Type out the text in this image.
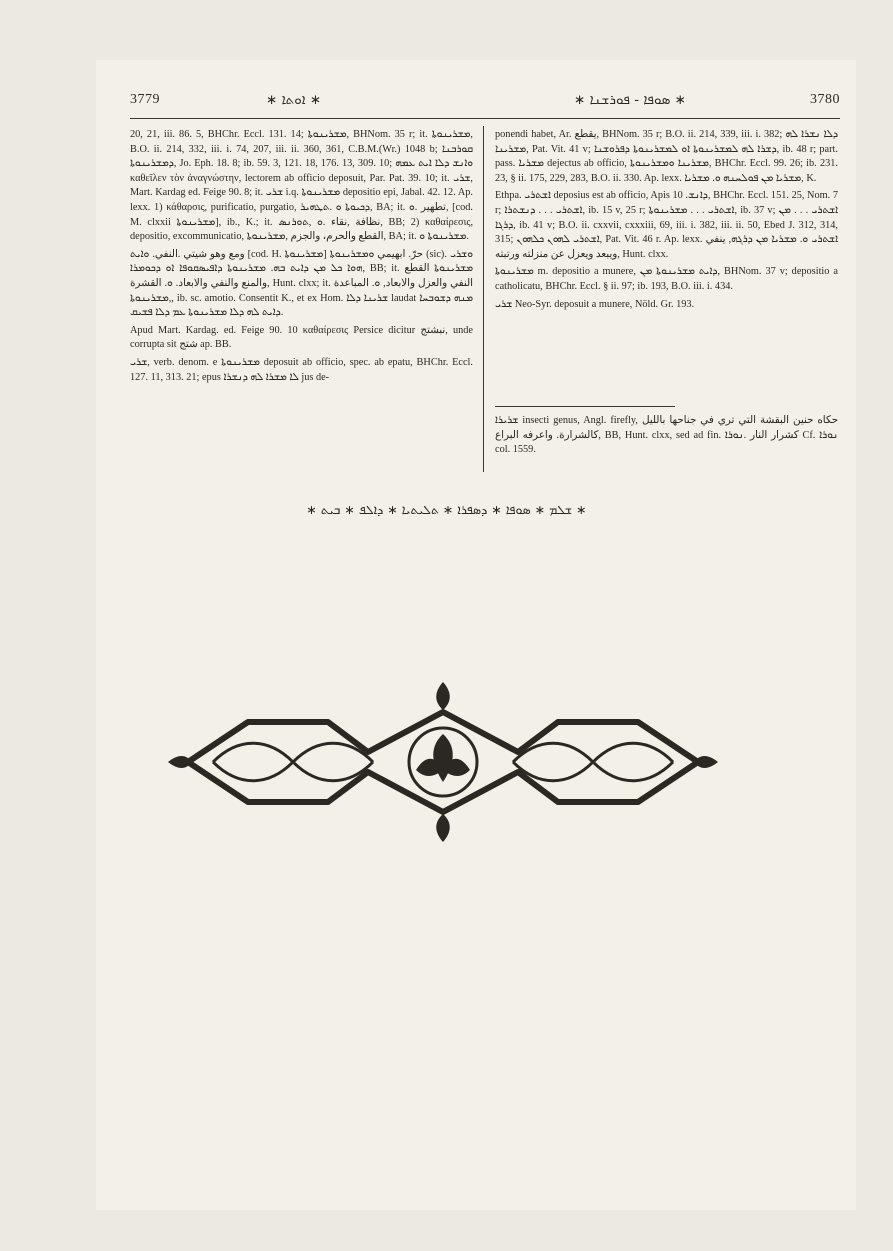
3779	∗ ܐܘܬܐ ∗	∗ ܣܘܦܐ - ܦܘܪܫܢܐ ∗	3780

20, 21, iii. 86. 5, BHChr. Eccl. 131. 14; ܡܫܪܝܢܘܬܐ, BHNom. 35 r; it. ܡܫܪܝܢܘܬܐ, B.O. ii. 214, 332, iii. i. 74, 207, iii. ii. 360, 361, C.B.M.(Wr.) 1048 b; ܩܘܪܒܢܐ ܕܡܫܪܝܢܘܬܐ, Jo. Eph. 18. 8; ib. 59. 3, 121. 18, 176. 13, 309. 10; ܘܐܢܫ ܕܠܐ ܐܝܬ ܥܡܗ καθεῖλεν τὸν ἀναγνώστην, lectorem ab officio deposuit, Par. Pat. 39. 10; it. ܫܪܝ, Mart. Kardag ed. Feige 90. 8; it. ܫܪܝ i.q. ܡܫܪܝܢܘܬܐ depositio epi, Jabal. 42. 12. Ap. lexx. 1) κάθαρσις, purificatio, purgatio, ܕܟܝܘܬܐ ܘ .ܬܛܗܝܪ, BA; it. تطهير .ܘ, [cod. M. clxxii ܡܫܪܝܢܘܬܐ], ib., K.; it. نظافة ,نقاء .ܘ ,ܬܘܪܢܣ, BB; 2) καθαίρεσις, depositio, excommunicatio, القطع والحرم، والجزم ,ܡܫܪܝܢܘܬܐ, BA; it. ܡܫܪܝܢܘܬܐ ܘ.

ومع وهو شيتي .النفي. ܘܐܝܬ [cod. H. ܡܫܪܝܢܘܬܐ] حرّ. ابهيمي ܘܡܫܪܝܢܘܬܐ (sic). ܘܫܪܝ ܗܘܐ ܟܠ ܡܢ ܕܐܝܬ ܒܗ. ܡܫܪܝܢܘܬܐ ܕܐܦܝܣܩܘܦܐ ܐܘ ܕܟܘܡܪܐ, BB; it. ܡܫܪܝܢܘܬܐ القطع والمنع والنفي والابعاد. ܘ. القشرة, Hunt. clxx; it. النفي والعزل والابعاد, ܘ. المباعدة ,ܡܫܪܝܢܘܬܐ, ib. sc. amotio. Consentit K., et ex Hom. ܫܪܝܢܐ ܕܠܐ laudat ܡܢܗ ܕܫܘܒܚܐ ܕܐܝܬ ܠܗ ܕܠܐ ܡܫܪܝܢܘܬܐ ܥܡ ܕܠܐ ܦܫܝܩ.

Apud Mart. Kardag. ed. Feige 90. 10 καθαίρεσις Persice dicitur نبشتج, unde corrupta sit شتج ap. BB.

ܫܪܝ, verb. denom. e ܡܫܪܝܢܘܬܐ deposuit ab officio, spec. ab epatu, BHChr. Eccl. 127. 11, 313. 21; epus ܠܐ ܡܫܪܐ ܠܗ ܕܢܫܪܐ jus de-

ponendi habet, Ar. يقطع, BHNom. 35 r; B.O. ii. 214, 339, iii. i. 382; ܕܠܐ ܢܫܪܐ ܠܗ ܡܫܪܝܢܐ, Pat. Vit. 41 v; ܕܫܪܐ ܠܗ ܠܡܫܪܝܢܘܬܐ ܐܘ ܠܡܫܪܝܢܘܬܐ ܕܦܪܘܫܢܐ, ib. 48 r; part. pass. ܡܫܪܝܐ dejectus ab officio, ܡܫܪܝܢܐ ܘܡܫܪܝܢܘܬܐ, BHChr. Eccl. 99. 26; ib. 231. 23, § ii. 175, 229, 283, B.O. ii. 330. Ap. lexx. ܡܫܪܝܐ ܡܢ ܦܘܠܚܢܗ ܘ. ܡܫܪܝܐ, K.

Ethpa. ܐܫܬܪܝ deposius est ab officio, Apis ܕܐܢܫ. 10, BHChr. Eccl. 151. 25, Nom. 7 r; ܐܫܬܪܝ . . . ܕܢܫܬܪܐ, ib. 15 v, 25 r; ܐܫܬܪܝ . . . ܡܫܪܝܢܘܬܐ, ib. 37 v; ܐܫܬܪܝ . . . ܡܢ ܕܪܓܐ, ib. 41 v; B.O. ii. cxxvii, cxxxiii, 69, iii. i. 382, iii. ii. 50, Ebed J. 312, 314, 315; ܐܫܬܪܝ ܠܗܘܢ ܟܠܗܘܢ, Pat. Vit. 46 r. Ap. lexx. ܐܫܬܪܝ ܘ. ܡܫܪܝܐ ܡܢ ܕܪܓܗ, ينفي ويبعد ويعزل عن منزلته ورتبته, Hunt. clxx.

ܡܫܪܝܢܘܬܐ m. depositio a munere, ܕܐܝܬ ܡܫܪܝܢܘܬܐ ܡܢ, BHNom. 37 v; depositio a catholicatu, BHChr. Eccl. § ii. 97; ib. 193, B.O. iii. i. 434.

ܫܪܝ Neo-Syr. deposuit a munere, Nöld. Gr. 193.

ܫܪܝܪܐ insecti genus, Angl. firefly, حكاه حنين البقشة التي تري في جناحها بالليل كالشرارة. واعرفه البراع, BB, Hunt. clxx, sed ad fin. كشرار النار .ܢܘܪܐ Cf. ܢܘܪܐ col. 1559.

∗ ܫܠܡ ∗ ܣܘܦܐ ∗ ܕܣܦܪܐ ∗ ܬܠܝܬܝܐ ∗ ܕܐܠܦ ∗ ܒܝܬ ∗
